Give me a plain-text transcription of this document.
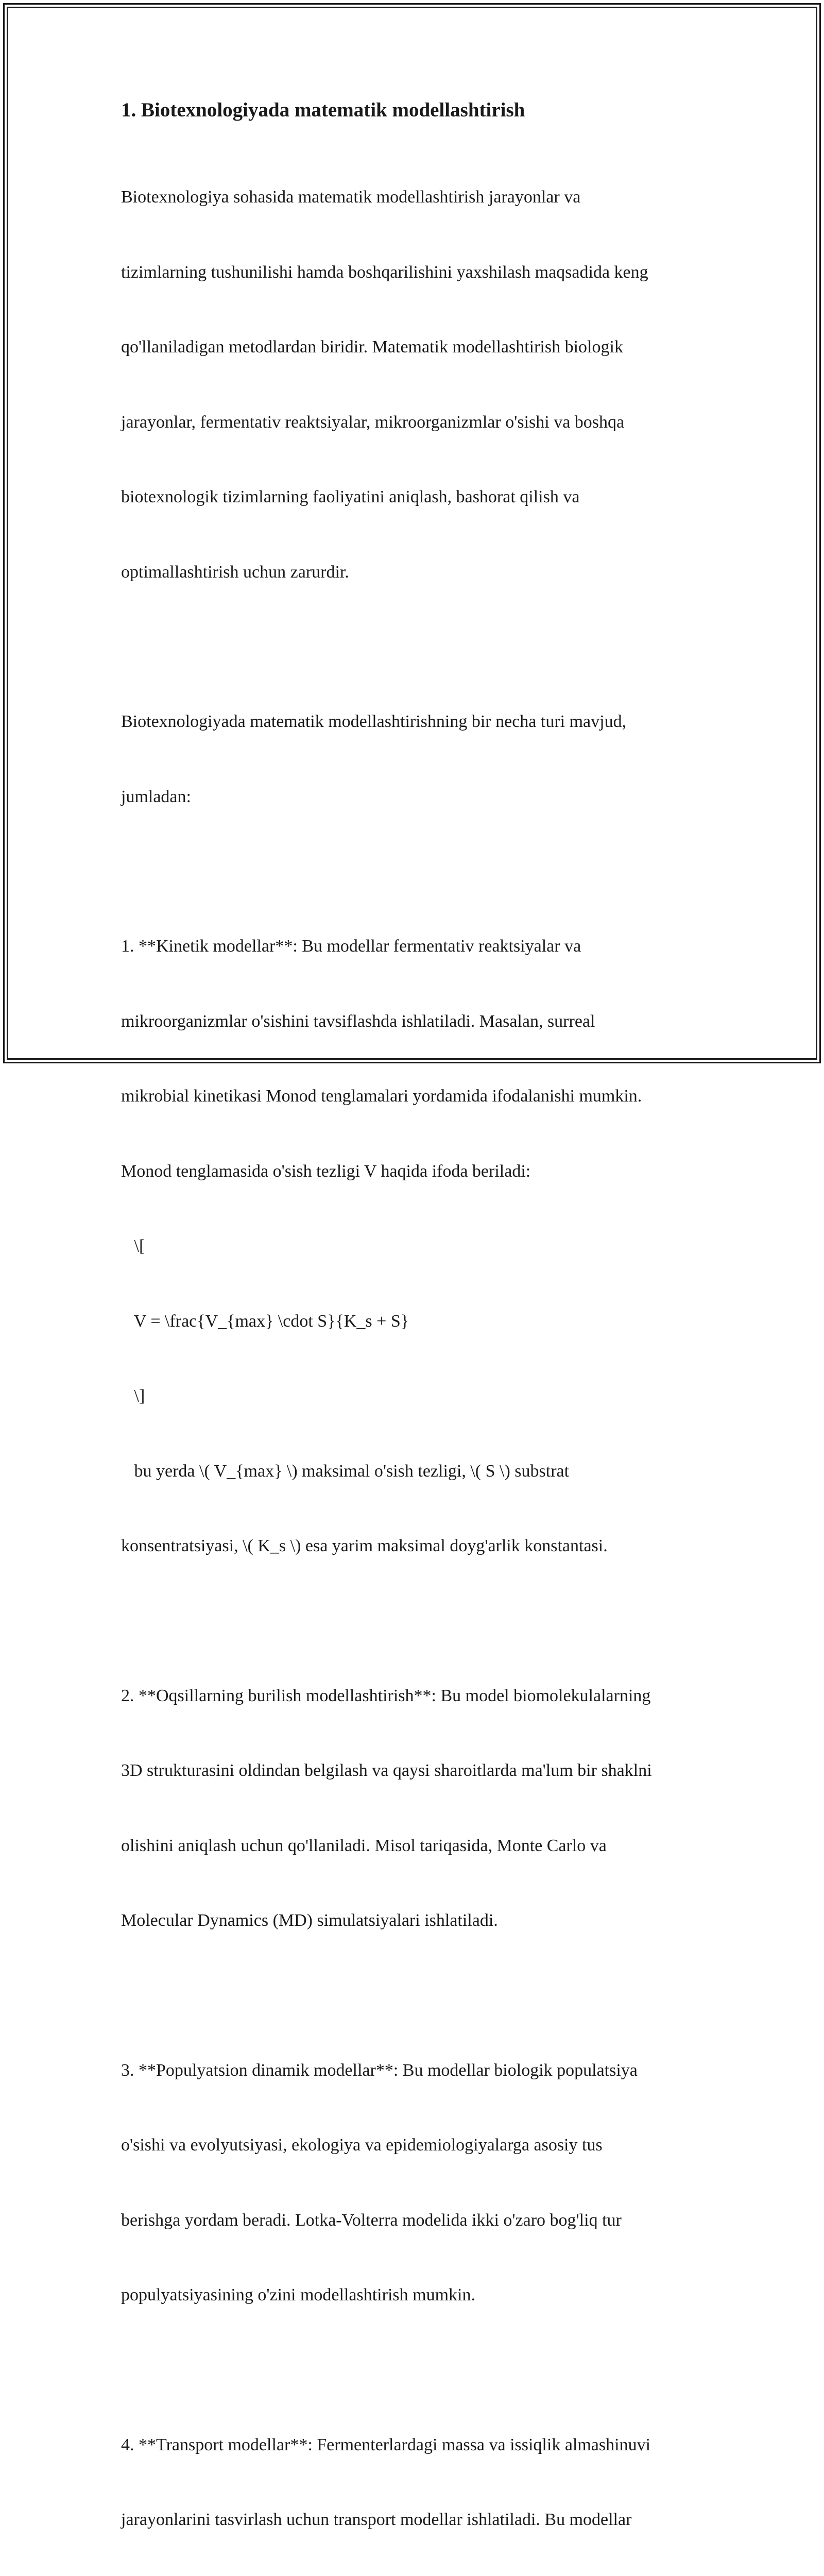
1. Biotexnologiyada matematik modellashtirish

Biotexnologiya sohasida matematik modellashtirish jarayonlar va

tizimlarning tushunilishi hamda boshqarilishini yaxshilash maqsadida keng

qo'llaniladigan metodlardan biridir. Matematik modellashtirish biologik

jarayonlar, fermentativ reaktsiyalar, mikroorganizmlar o'sishi va boshqa

biotexnologik tizimlarning faoliyatini aniqlash, bashorat qilish va

optimallashtirish uchun zarurdir.

Biotexnologiyada matematik modellashtirishning bir necha turi mavjud,

jumladan:

1. **Kinetik modellar**: Bu modellar fermentativ reaktsiyalar va

mikroorganizmlar o'sishini tavsiflashda ishlatiladi. Masalan, surreal

mikrobial kinetikasi Monod tenglamalari yordamida ifodalanishi mumkin.

Monod tenglamasida o'sish tezligi V haqida ifoda beriladi:

\[

V = \frac{V_{max} \cdot S}{K_s + S}

\]

bu yerda \( V_{max} \) maksimal o'sish tezligi, \( S \) substrat

konsentratsiyasi, \( K_s \) esa yarim maksimal doyg'arlik konstantasi.

2. **Oqsillarning burilish modellashtirish**: Bu model biomolekulalarning

3D strukturasini oldindan belgilash va qaysi sharoitlarda ma'lum bir shaklni

olishini aniqlash uchun qo'llaniladi. Misol tariqasida, Monte Carlo va

Molecular Dynamics (MD) simulatsiyalari ishlatiladi.

3. **Populyatsion dinamik modellar**: Bu modellar biologik populatsiya

o'sishi va evolyutsiyasi, ekologiya va epidemiologiyalarga asosiy tus

berishga yordam beradi. Lotka-Volterra modelida ikki o'zaro bog'liq tur

populyatsiyasining o'zini modellashtirish mumkin.

4. **Transport modellar**: Fermenterlardagi massa va issiqlik almashinuvi

jarayonlarini tasvirlash uchun transport modellar ishlatiladi. Bu modellar
